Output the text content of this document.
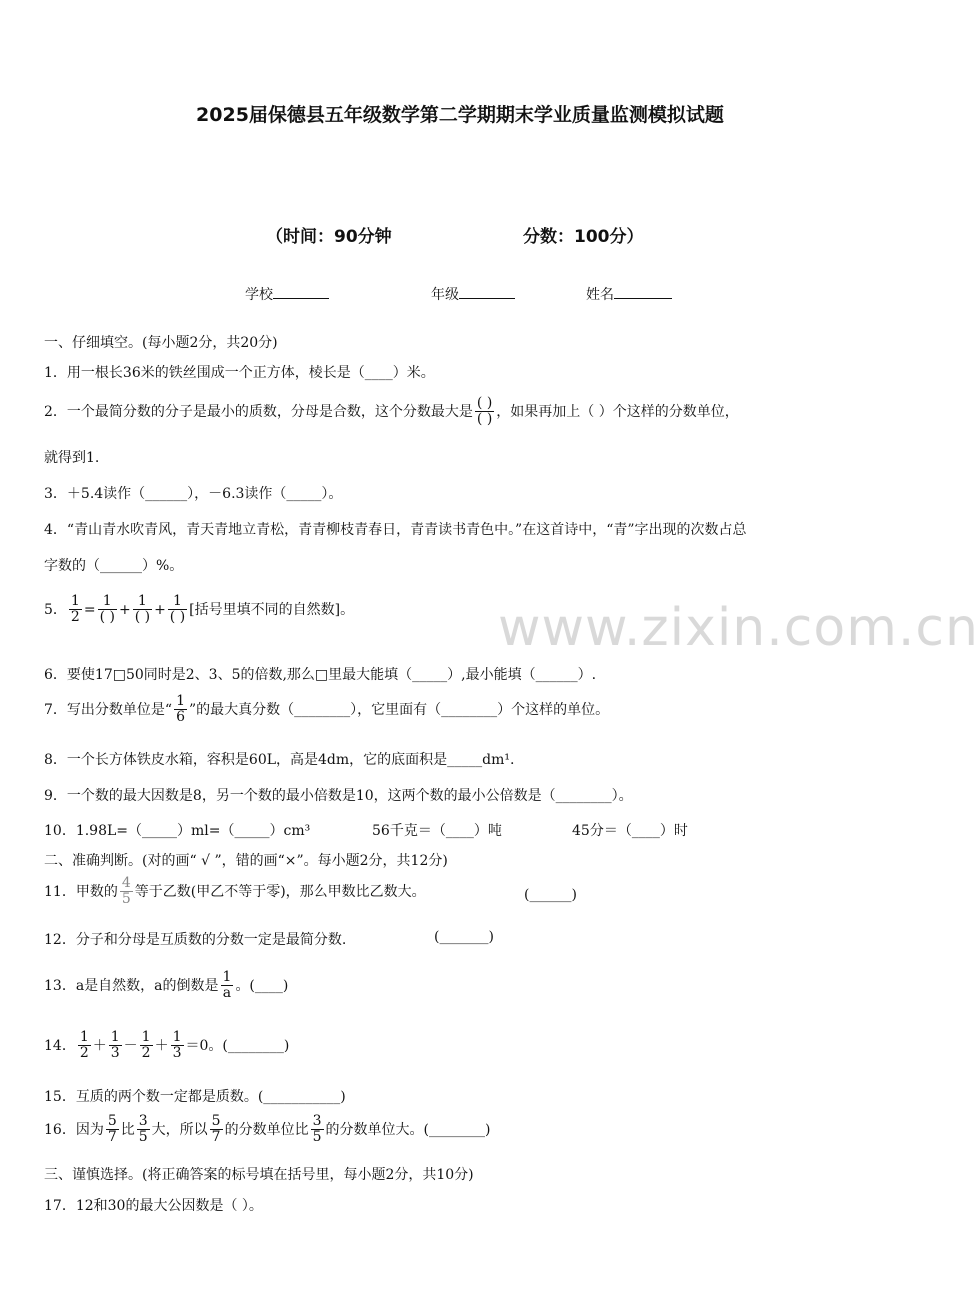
2025届保德县五年级数学第二学期期末学业质量监测模拟试题
（时间：90分钟	分数：100分）
学校	年级	姓名
一、仔细填空。(每小题2分，共20分)
1．用一根长36米的铁丝围成一个正方体，棱长是（____）米。
2．一个最简分数的分子是最小的质数，分母是合数，这个分数最大是 $\frac{( )}{( )}$ ，如果再加上（ ）个这样的分数单位，
就得到1.
3．＋5.4读作（______），－6.3读作（_____）。
4．“青山青水吹青风，青天青地立青松，青青柳枝青春日，青青读书青色中。”在这首诗中，“青”字出现的次数占总
字数的（______）%。
5． $\frac{1}{2} = \frac{1}{( )} + \frac{1}{( )} + \frac{1}{( )}$ [括号里填不同的自然数]。
6．要使17□50同时是2、3、5的倍数,那么□里最大能填（_____）,最小能填（______）.
7．写出分数单位是“ $\frac{1}{6}$ ”的最大真分数（________），它里面有（________）个这样的单位。
8．一个长方体铁皮水箱，容积是60L，高是4dm，它的底面积是_____dm¹.
9．一个数的最大因数是8，另一个数的最小倍数是10，这两个数的最小公倍数是（________）。
10．1.98L=（_____）ml=（_____）cm³	56千克＝（____）吨	45分＝（____）时
二、准确判断。(对的画“ √ ”，错的画“×”。每小题2分，共12分)
11．甲数的 $\frac{4}{5}$ 等于乙数(甲乙不等于零)，那么甲数比乙数大。	(______)
12．分子和分母是互质数的分数一定是最简分数.	(_______)
13．a是自然数，a的倒数是 $\frac{1}{a}$ 。(____)
14． $\frac{1}{2} + \frac{1}{3} - \frac{1}{2} + \frac{1}{3} =0$。(________)
15．互质的两个数一定都是质数。(___________)
16．因为 $\frac{5}{7}$ 比 $\frac{3}{5}$ 大，所以 $\frac{5}{7}$ 的分数单位比 $\frac{3}{5}$ 的分数单位大。(________)
三、谨慎选择。(将正确答案的标号填在括号里，每小题2分，共10分)
17．12和30的最大公因数是（ ）。
www.zixin.com.cn
